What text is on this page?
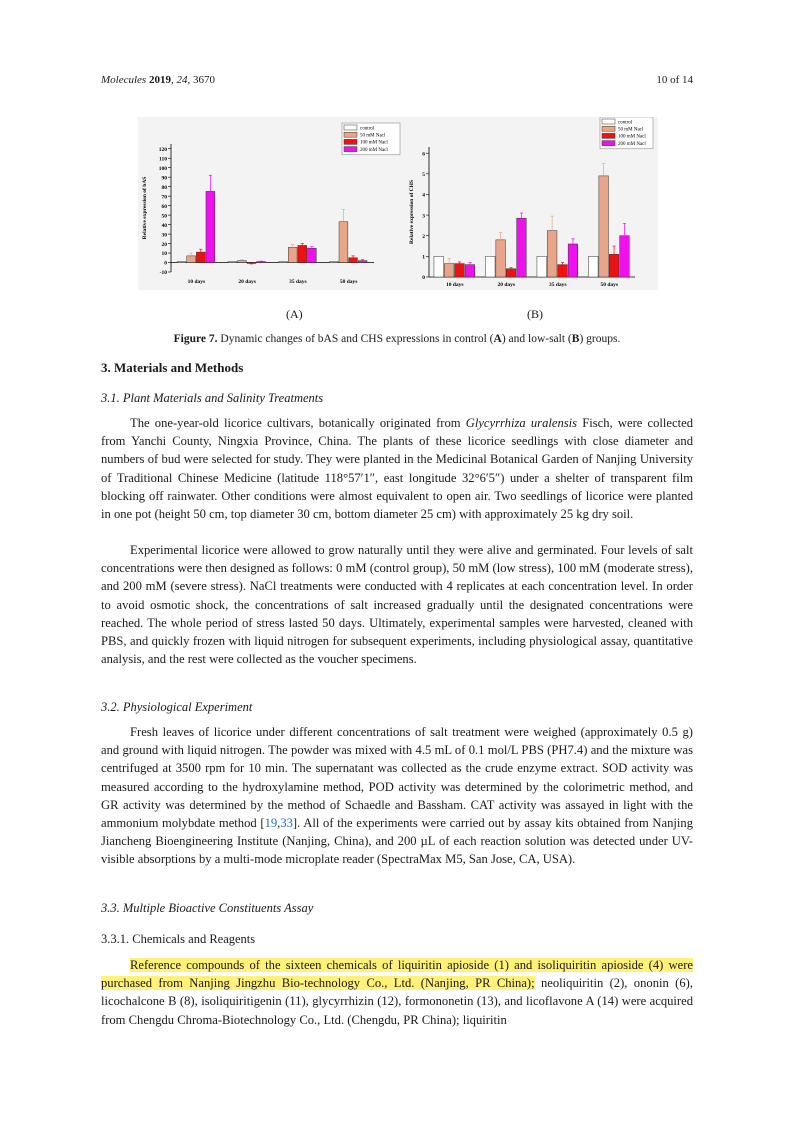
Molecules 2019, 24, 3670	10 of 14
-10
0
10
20
30
40
50
60
70
80
90
100
110
120
Relative expression of bAS
10 days	20 days	35 days	50 days
control
50 mM Nacl
100 mM Nacl
200 mM Nacl
0
1
2
3
4
5
6
Relative expression of CHS
10 days	20 days	35 days	50 days
control
50 mM Nacl
100 mM Nacl
200 mM Nacl
(A)	(B)
Figure 7. Dynamic changes of bAS and CHS expressions in control (A) and low-salt (B) groups.
3. Materials and Methods
3.1. Plant Materials and Salinity Treatments

The one-year-old licorice cultivars, botanically originated from Glycyrrhiza uralensis Fisch, were collected from Yanchi County, Ningxia Province, China. The plants of these licorice seedlings with close diameter and numbers of bud were selected for study. They were planted in the Medicinal Botanical Garden of Nanjing University of Traditional Chinese Medicine (latitude 118°57′1″, east longitude 32°6′5″) under a shelter of transparent film blocking off rainwater. Other conditions were almost equivalent to open air. Two seedlings of licorice were planted in one pot (height 50 cm, top diameter 30 cm, bottom diameter 25 cm) with approximately 25 kg dry soil.

Experimental licorice were allowed to grow naturally until they were alive and germinated. Four levels of salt concentrations were then designed as follows: 0 mM (control group), 50 mM (low stress), 100 mM (moderate stress), and 200 mM (severe stress). NaCl treatments were conducted with 4 replicates at each concentration level. In order to avoid osmotic shock, the concentrations of salt increased gradually until the designated concentrations were reached. The whole period of stress lasted 50 days. Ultimately, experimental samples were harvested, cleaned with PBS, and quickly frozen with liquid nitrogen for subsequent experiments, including physiological assay, quantitative analysis, and the rest were collected as the voucher specimens.

3.2. Physiological Experiment

Fresh leaves of licorice under different concentrations of salt treatment were weighed (approximately 0.5 g) and ground with liquid nitrogen. The powder was mixed with 4.5 mL of 0.1 mol/L PBS (PH7.4) and the mixture was centrifuged at 3500 rpm for 10 min. The supernatant was collected as the crude enzyme extract. SOD activity was measured according to the hydroxylamine method, POD activity was determined by the colorimetric method, and GR activity was determined by the method of Schaedle and Bassham. CAT activity was assayed in light with the ammonium molybdate method [19,33]. All of the experiments were carried out by assay kits obtained from Nanjing Jiancheng Bioengineering Institute (Nanjing, China), and 200 µL of each reaction solution was detected under UV-visible absorptions by a multi-mode microplate reader (SpectraMax M5, San Jose, CA, USA).

3.3. Multiple Bioactive Constituents Assay
3.3.1. Chemicals and Reagents

Reference compounds of the sixteen chemicals of liquiritin apioside (1) and isoliquiritin apioside (4) were purchased from Nanjing Jingzhu Bio-technology Co., Ltd. (Nanjing, PR China); neoliquiritin (2), ononin (6), licochalcone B (8), isoliquiritigenin (11), glycyrrhizin (12), formononetin (13), and licoflavone A (14) were acquired from Chengdu Chroma-Biotechnology Co., Ltd. (Chengdu, PR China); liquiritin
